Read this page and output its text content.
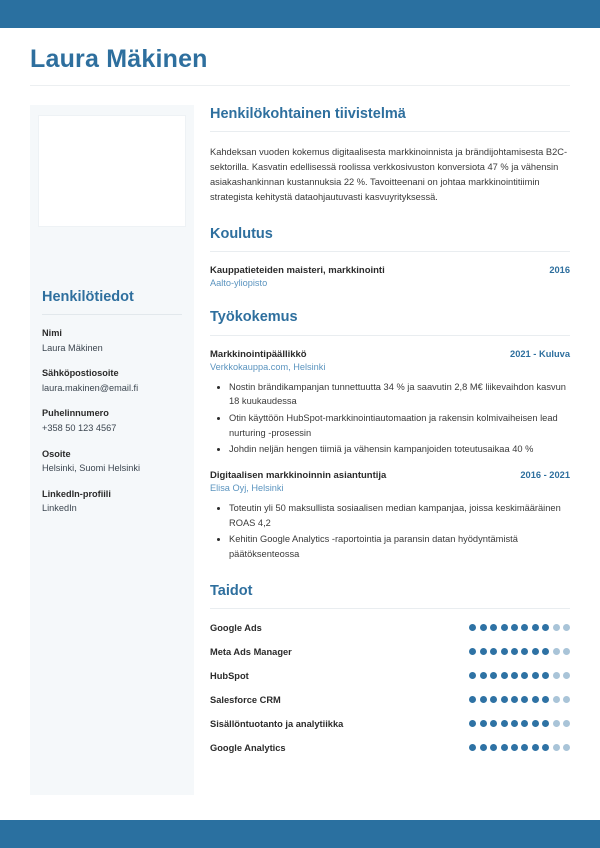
Laura Mäkinen
Henkilötiedot
Nimi
Laura Mäkinen
Sähköpostiosoite
laura.makinen@email.fi
Puhelinnumero
+358 50 123 4567
Osoite
Helsinki, Suomi Helsinki
LinkedIn-profiili
LinkedIn
Henkilökohtainen tiivistelmä

Kahdeksan vuoden kokemus digitaalisesta markkinoinnista ja brändijohtamisesta B2C-sektorilla. Kasvatin edellisessä roolissa verkkosivuston konversiota 47 % ja vähensin asiakashankinnan kustannuksia 22 %. Tavoitteenani on johtaa markkinointitiimin strategista kehitystä dataohjautuvasti kasvuyrityksessä.

Koulutus
Kauppatieteiden maisteri, markkinointi	2016
Aalto-yliopisto
Työkokemus
Markkinointipäällikkö	2021 - Kuluva
Verkkokauppa.com, Helsinki
• Nostin brändikampanjan tunnettuutta 34 % ja saavutin 2,8 M€ liikevaihdon kasvun 18 kuukaudessa
• Otin käyttöön HubSpot-markkinointiautomaation ja rakensin kolmivaiheisen lead nurturing -prosessin
• Johdin neljän hengen tiimiä ja vähensin kampanjoiden toteutusaikaa 40 %
Digitaalisen markkinoinnin asiantuntija	2016 - 2021
Elisa Oyj, Helsinki
• Toteutin yli 50 maksullista sosiaalisen median kampanjaa, joissa keskimääräinen ROAS 4,2
• Kehitin Google Analytics -raportointia ja paransin datan hyödyntämistä päätöksenteossa
Taidot
Google Ads
Meta Ads Manager
HubSpot
Salesforce CRM
Sisällöntuotanto ja analytiikka
Google Analytics
